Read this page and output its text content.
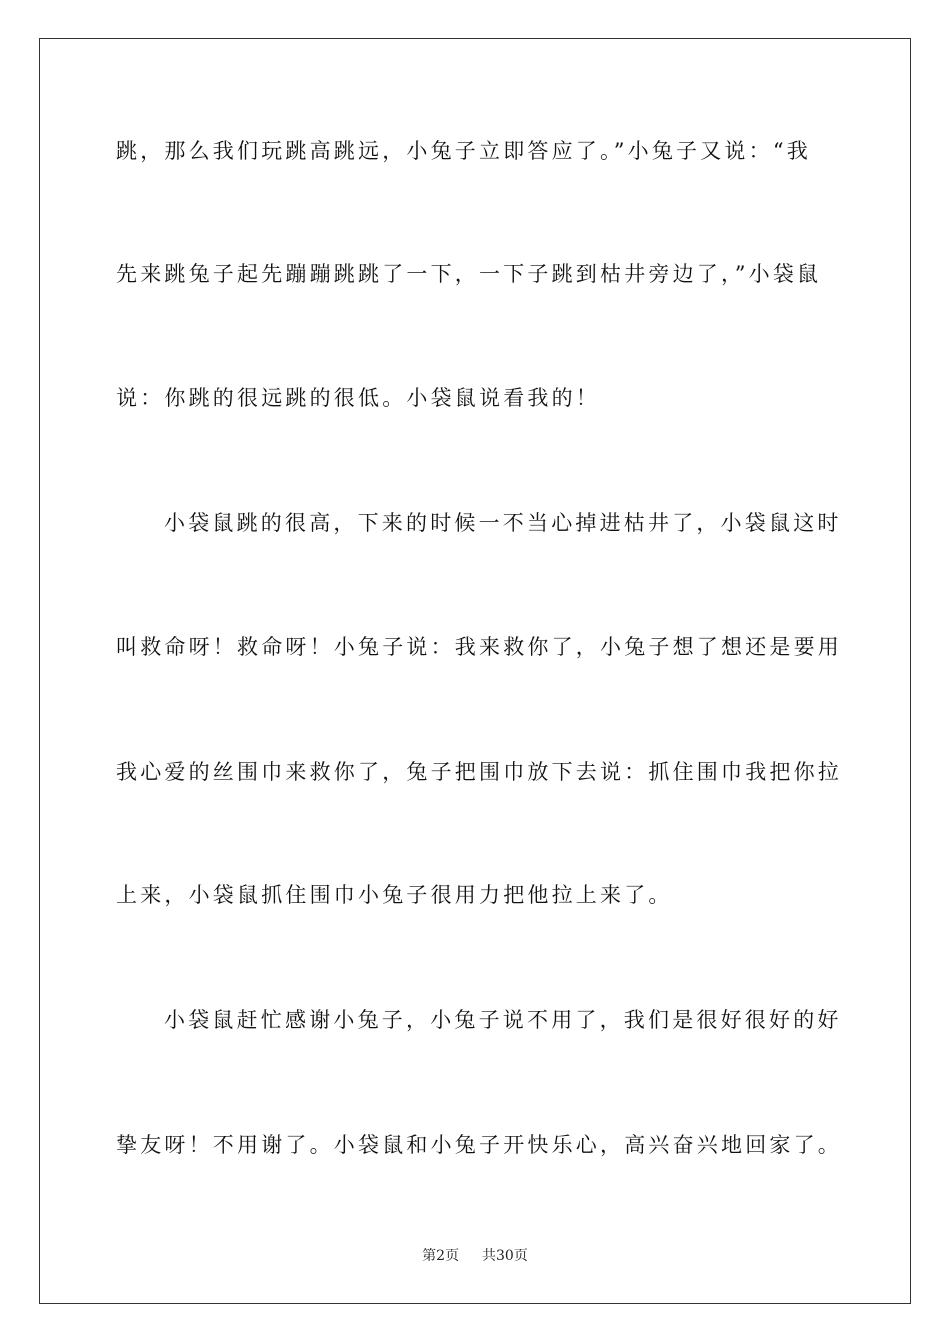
跳，那么我们玩跳高跳远，小兔子立即答应了。”小兔子又说：“我
先来跳兔子起先蹦蹦跳跳了一下，一下子跳到枯井旁边了，”小袋鼠
说：你跳的很远跳的很低。小袋鼠说看我的！
小袋鼠跳的很高，下来的时候一不当心掉进枯井了，小袋鼠这时
叫救命呀！救命呀！小兔子说：我来救你了，小兔子想了想还是要用
我心爱的丝围巾来救你了，兔子把围巾放下去说：抓住围巾我把你拉
上来，小袋鼠抓住围巾小兔子很用力把他拉上来了。
小袋鼠赶忙感谢小兔子，小兔子说不用了，我们是很好很好的好
挚友呀！不用谢了。小袋鼠和小兔子开快乐心，高兴奋兴地回家了。
第2页 共30页
